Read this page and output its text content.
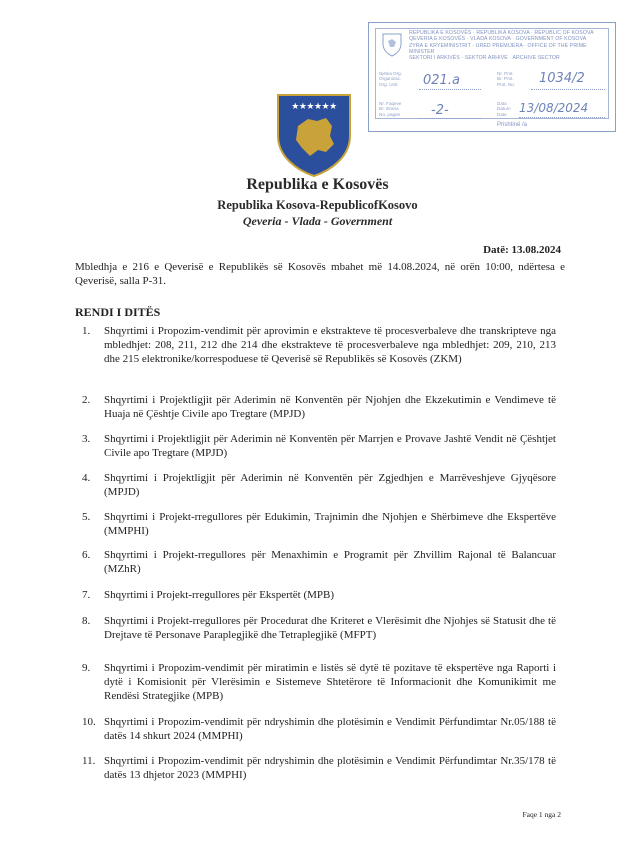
REPUBLIKA E KOSOVËS · REPUBLIKA KOSOVA · REPUBLIC OF KOSOVA
QEVERIA E KOSOVËS · VLADA KOSOVA · GOVERNMENT OF KOSOVA
ZYRA E KRYEMINISTRIT · URED PREMIJERA · OFFICE OF THE PRIME MINISTER
SEKTORI I ARKIVËS · SEKTOR ARHIVE · ARCHIVE SECTOR
Njësia Org.
Organizac.
Org. Unit	021.a	Nr. Prot.
Br. Prot.
Prot. No. 1034/2
Nr. Faqeve
Br. strana
No. pages -2-	Data
Datum
Date	13/08/2024
Prishtinë /a
★★★★★★
Republika e Kosovës
Republika Kosova-RepublicofKosovo
Qeveria - Vlada - Government
Datë: 13.08.2024
Mbledhja e 216 e Qeverisë e Republikës së Kosovës mbahet më 14.08.2024, në orën 10:00, ndërtesa e Qeverisë, salla P-31.
RENDI I DITËS
1.	Shqyrtimi i Propozim-vendimit për aprovimin e ekstrakteve të procesverbaleve dhe transkripteve nga mbledhjet: 208, 211, 212 dhe 214 dhe ekstrakteve të procesverbaleve nga mbledhjet: 209, 210, 213 dhe 215 elektronike/korrespoduese të Qeverisë së Republikës së Kosovës (ZKM)
2.	Shqyrtimi i Projektligjit për Aderimin në Konventën për Njohjen dhe Ekzekutimin e Vendimeve të Huaja në Çështje Civile apo Tregtare (MPJD)
3.	Shqyrtimi i Projektligjit për Aderimin në Konventën për Marrjen e Provave Jashtë Vendit në Çështjet Civile apo Tregtare (MPJD)
4.	Shqyrtimi i Projektligjit për Aderimin në Konventën për Zgjedhjen e Marrëveshjeve Gjyqësore (MPJD)
5.	Shqyrtimi i Projekt-rregullores për Edukimin, Trajnimin dhe Njohjen e Shërbimeve dhe Ekspertëve (MMPHI)
6.	Shqyrtimi i Projekt-rregullores për Menaxhimin e Programit për Zhvillim Rajonal të Balancuar (MZhR)
7.	Shqyrtimi i Projekt-rregullores për Ekspertët (MPB)
8.	Shqyrtimi i Projekt-rregullores për Procedurat dhe Kriteret e Vlerësimit dhe Njohjes së Statusit dhe të Drejtave të Personave Paraplegjikë dhe Tetraplegjikë (MFPT)
9.	Shqyrtimi i Propozim-vendimit për miratimin e listës së dytë të pozitave të ekspertëve nga Raporti i dytë i Komisionit për Vlerësimin e Sistemeve Shtetërore të Informacionit dhe Komunikimit me Rendësi Strategjike (MPB)
10. Shqyrtimi i Propozim-vendimit për ndryshimin dhe plotësimin e Vendimit Përfundimtar Nr.05/188 të datës 14 shkurt 2024 (MMPHI)
11. Shqyrtimi i Propozim-vendimit për ndryshimin dhe plotësimin e Vendimit Përfundimtar Nr.35/178 të datës 13 dhjetor 2023 (MMPHI)
Faqe 1 nga 2
